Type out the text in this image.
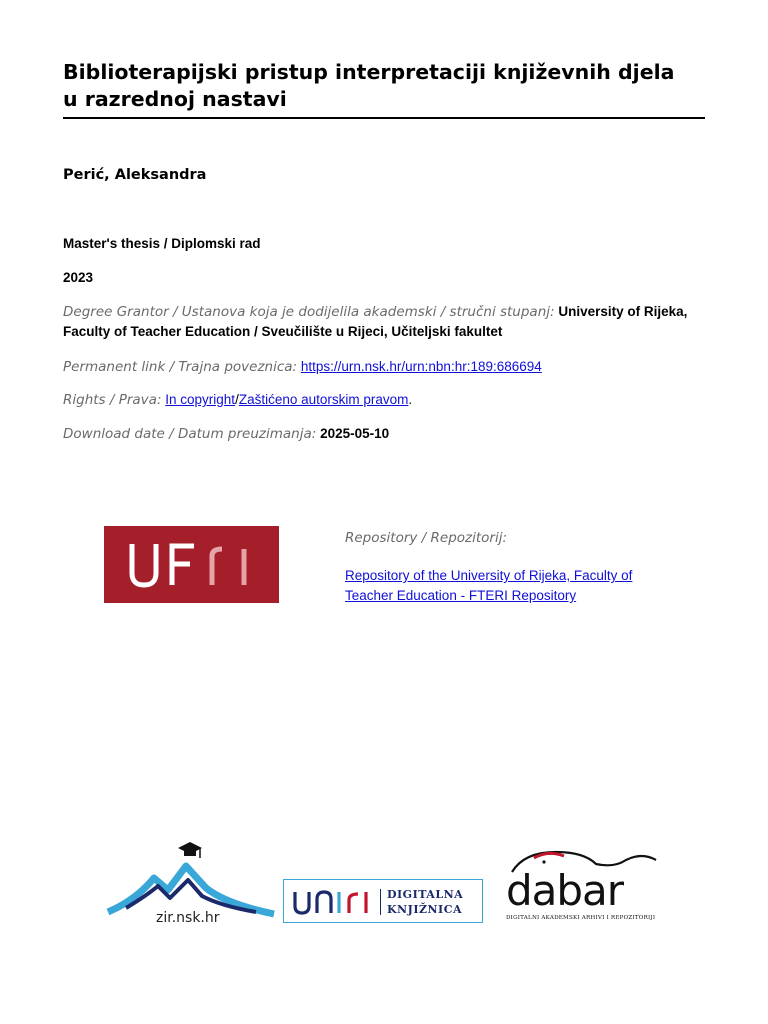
Biblioterapijski pristup interpretaciji književnih djela
u razrednoj nastavi
Perić, Aleksandra
Master's thesis / Diplomski rad
2023
Degree Grantor / Ustanova koja je dodijelila akademski / stručni stupanj: University of Rijeka, Faculty of Teacher Education / Sveučilište u Rijeci, Učiteljski fakultet
Permanent link / Trajna poveznica: https://urn.nsk.hr/urn:nbn:hr:189:686694
Rights / Prava: In copyright/Zaštićeno autorskim pravom.
Download date / Datum preuzimanja: 2025-05-10
Repository / Repozitorij:
Repository of the University of Rijeka, Faculty of Teacher Education - FTERI Repository
zir.nsk.hr
DIGITALNA
KNJIŽNICA dabar
DIGITALNI AKADEMSKI ARHIVI I REPOZITORIJI
